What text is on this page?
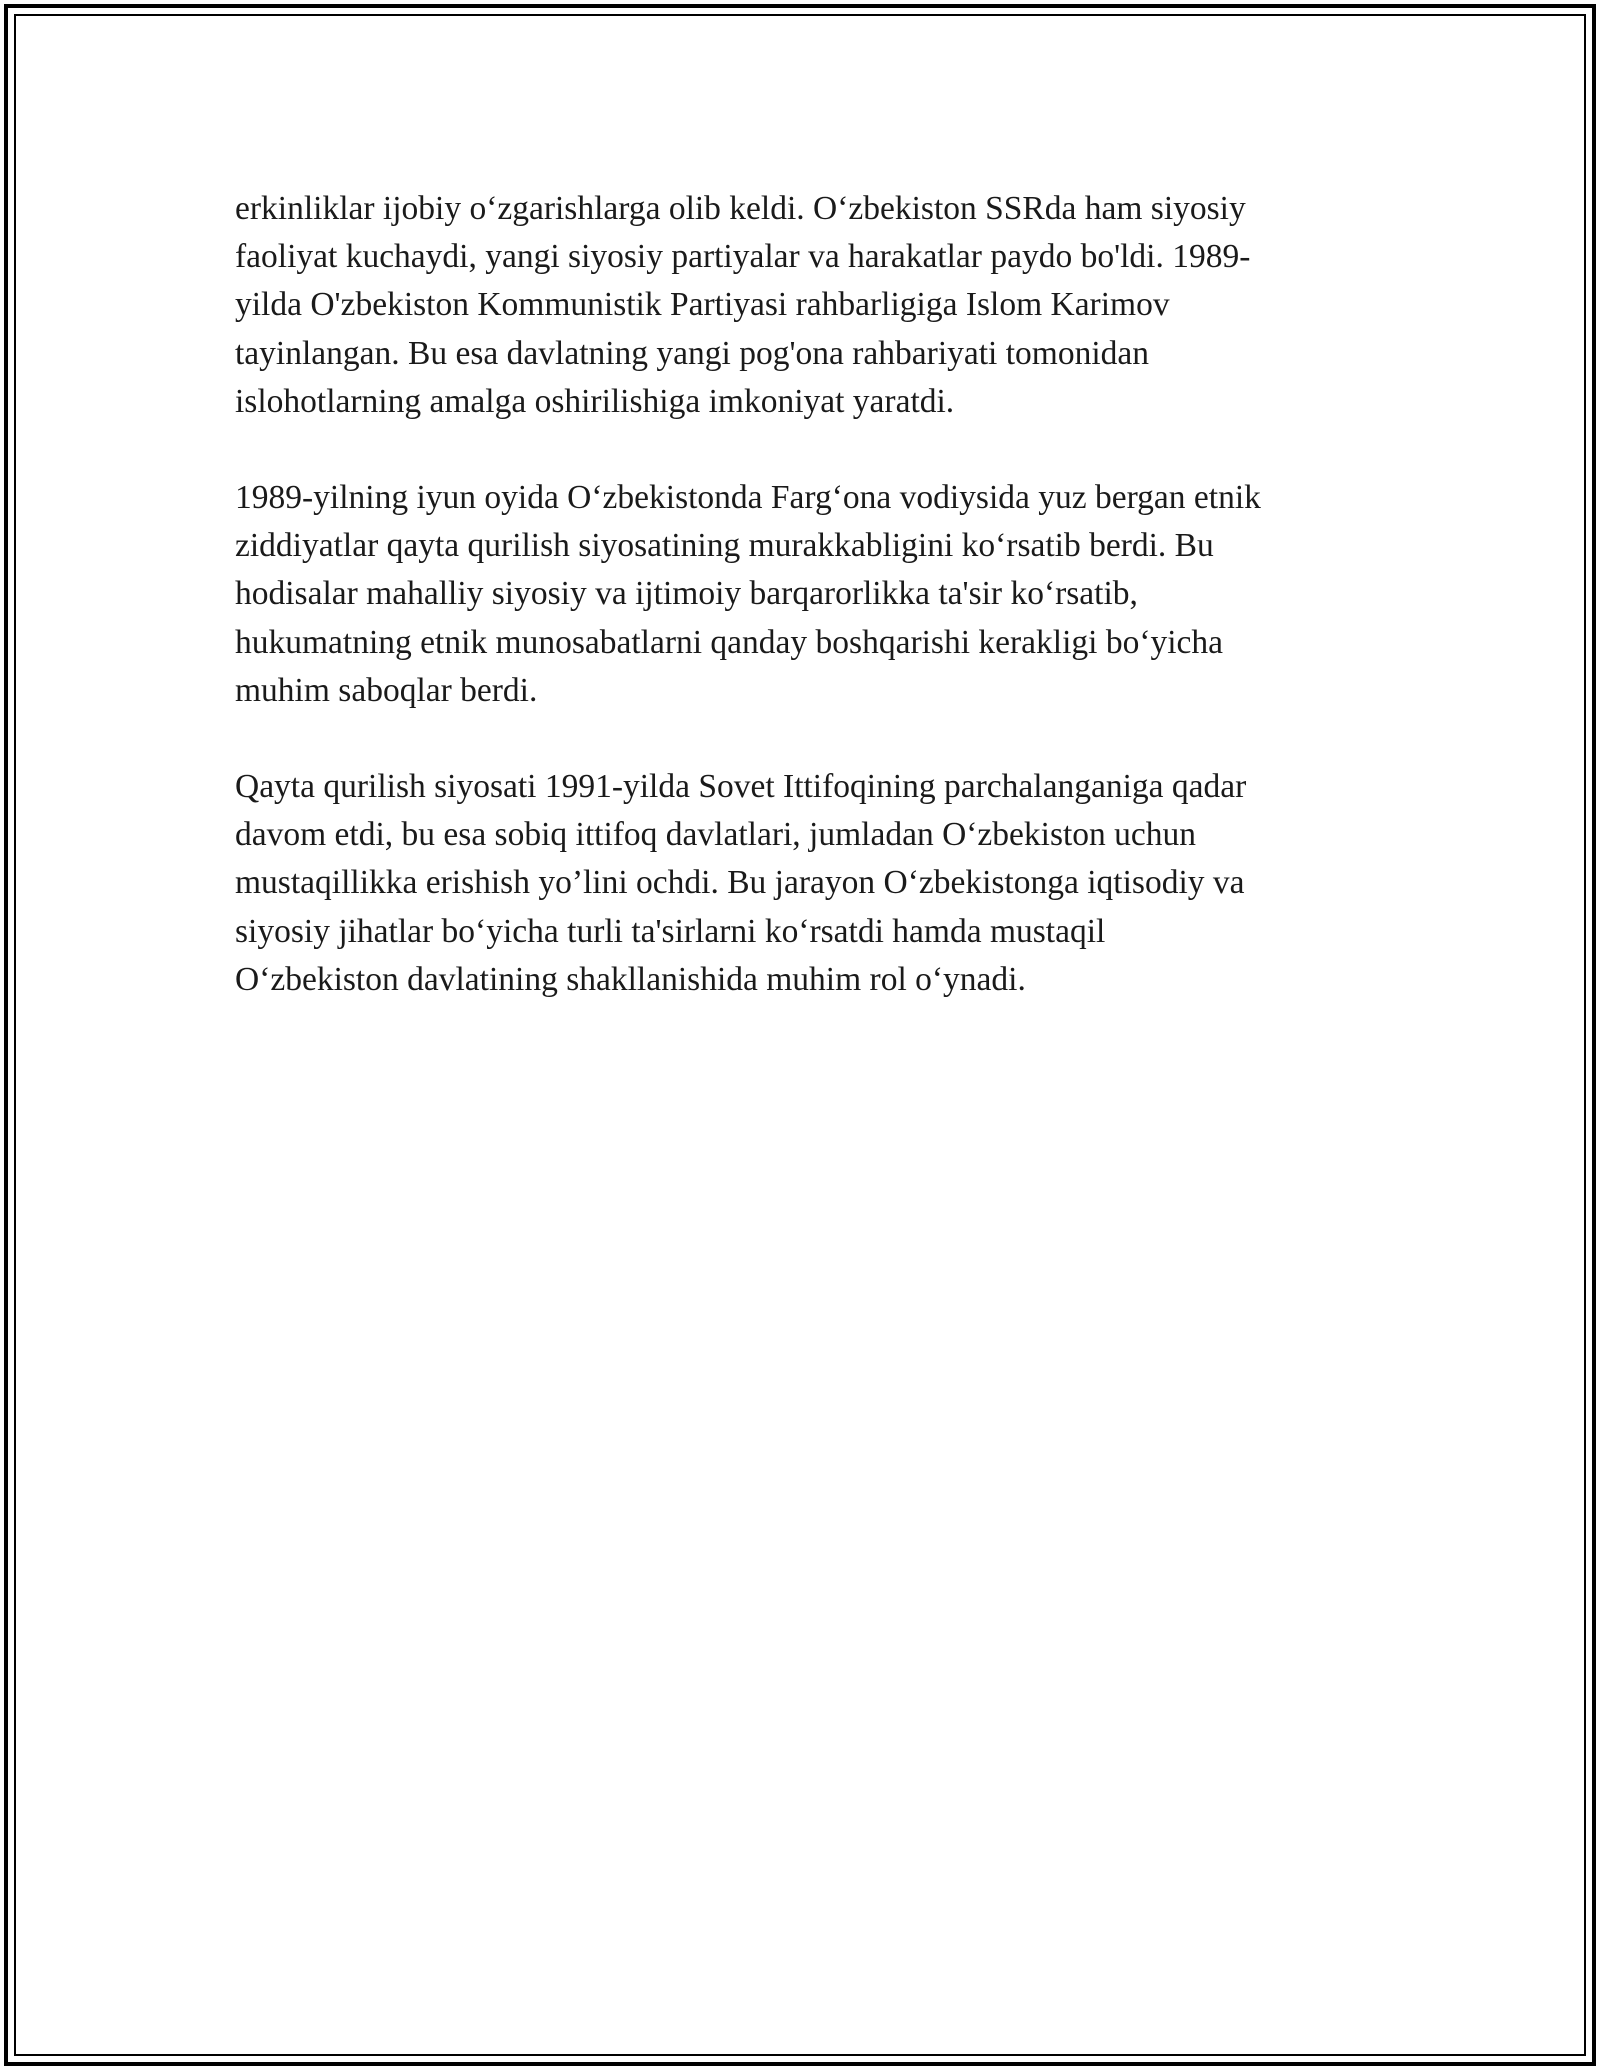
erkinliklar ijobiy o‘zgarishlarga olib keldi. O‘zbekiston SSRda ham siyosiy
faoliyat kuchaydi, yangi siyosiy partiyalar va harakatlar paydo bo'ldi. 1989-
yilda O'zbekiston Kommunistik Partiyasi rahbarligiga Islom Karimov
tayinlangan. Bu esa davlatning yangi pog'ona rahbariyati tomonidan
islohotlarning amalga oshirilishiga imkoniyat yaratdi.

1989-yilning iyun oyida O‘zbekistonda Farg‘ona vodiysida yuz bergan etnik
ziddiyatlar qayta qurilish siyosatining murakkabligini ko‘rsatib berdi. Bu
hodisalar mahalliy siyosiy va ijtimoiy barqarorlikka ta'sir ko‘rsatib,
hukumatning etnik munosabatlarni qanday boshqarishi kerakligi bo‘yicha
muhim saboqlar berdi.

Qayta qurilish siyosati 1991-yilda Sovet Ittifoqining parchalanganiga qadar
davom etdi, bu esa sobiq ittifoq davlatlari, jumladan O‘zbekiston uchun
mustaqillikka erishish yo’lini ochdi. Bu jarayon O‘zbekistonga iqtisodiy va
siyosiy jihatlar bo‘yicha turli ta'sirlarni ko‘rsatdi hamda mustaqil
O‘zbekiston davlatining shakllanishida muhim rol o‘ynadi.
